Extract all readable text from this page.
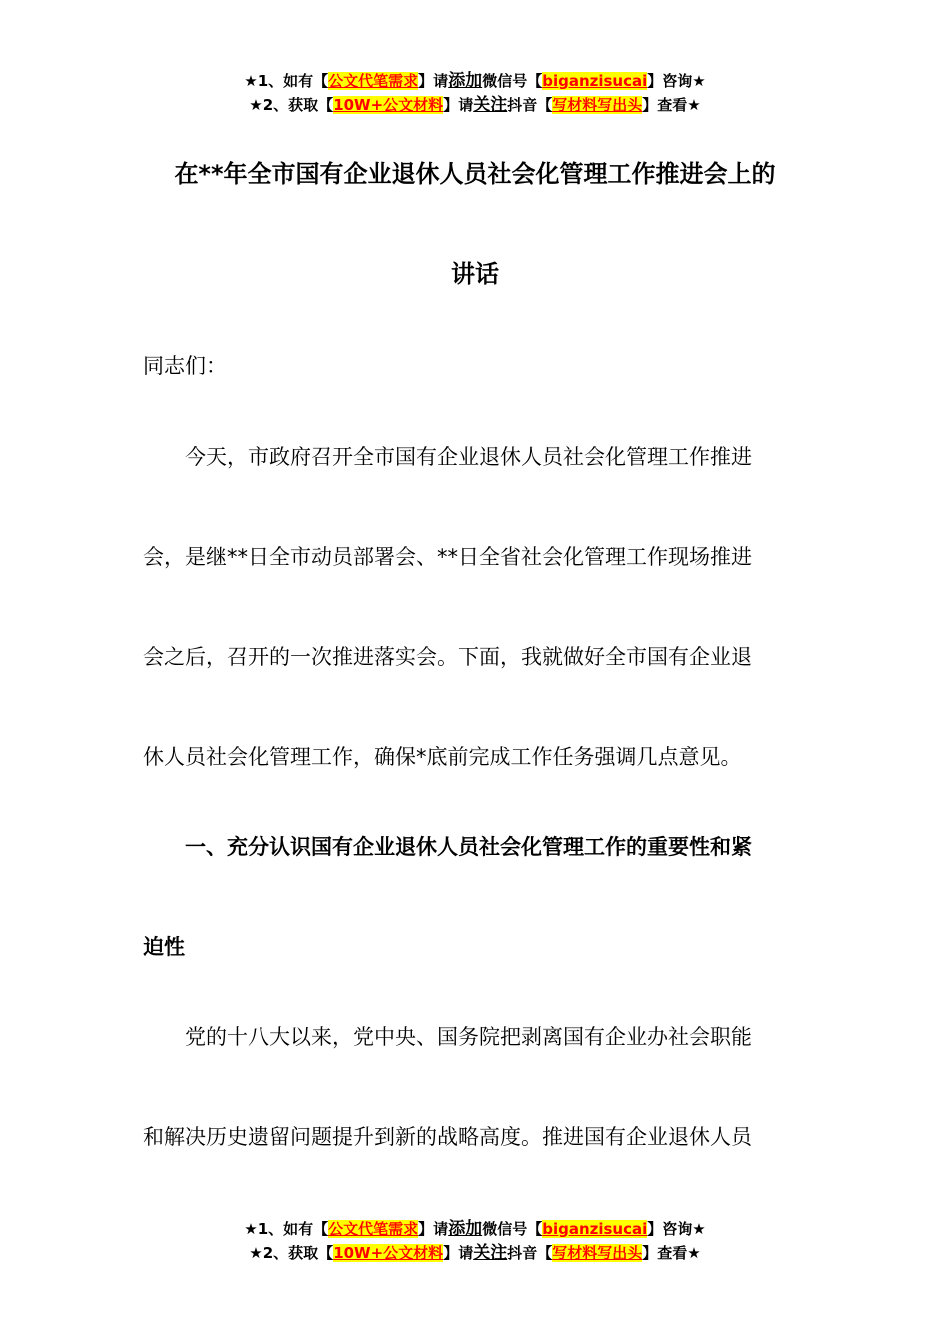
★1、如有【公文代笔需求】请添加微信号【biganzisucai】咨询★
★2、获取【10W+公文材料】请关注抖音【写材料写出头】查看★
在**年全市国有企业退休人员社会化管理工作推进会上的
讲话
同志们：
　　今天，市政府召开全市国有企业退休人员社会化管理工作推进
会，是继**日全市动员部署会、**日全省社会化管理工作现场推进
会之后，召开的一次推进落实会。下面，我就做好全市国有企业退
休人员社会化管理工作，确保*底前完成工作任务强调几点意见。
　　一、充分认识国有企业退休人员社会化管理工作的重要性和紧
迫性
　　党的十八大以来，党中央、国务院把剥离国有企业办社会职能
和解决历史遗留问题提升到新的战略高度。推进国有企业退休人员
★1、如有【公文代笔需求】请添加微信号【biganzisucai】咨询★
★2、获取【10W+公文材料】请关注抖音【写材料写出头】查看★
